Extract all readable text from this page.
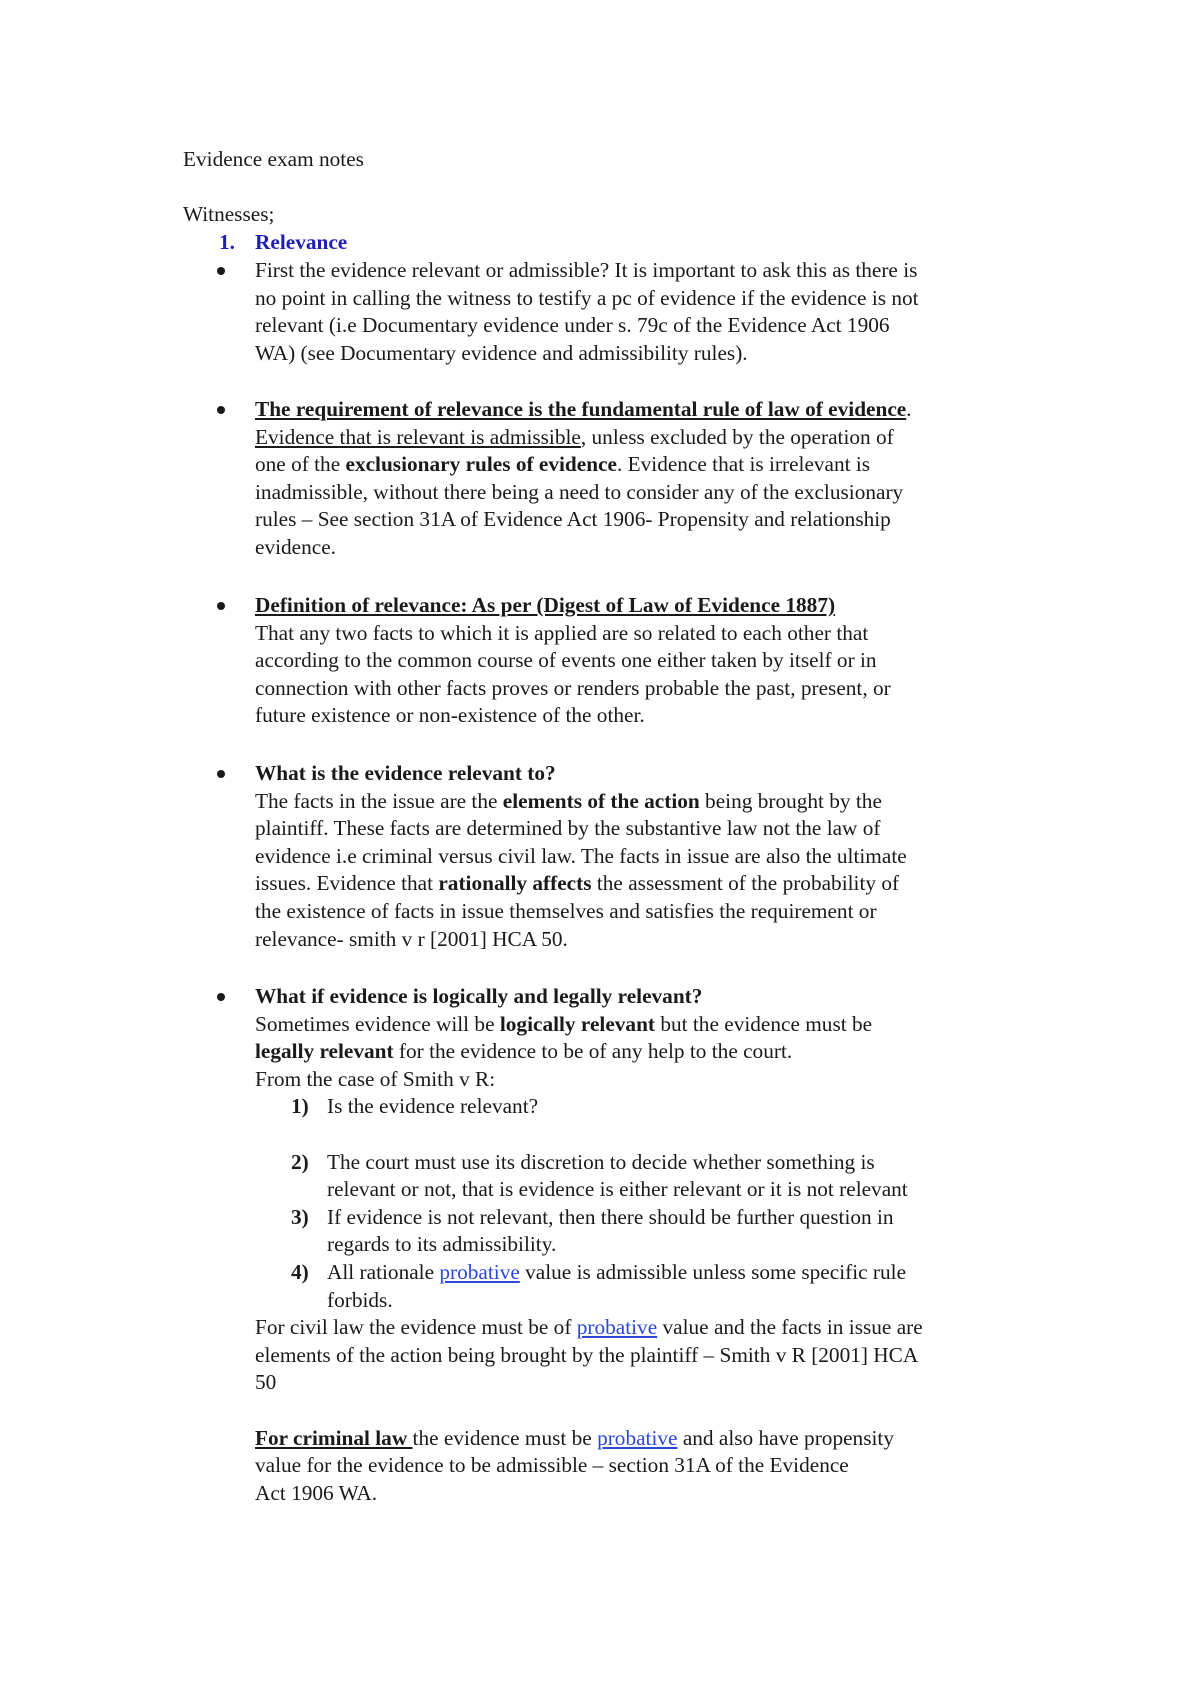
Evidence exam notes
Witnesses;
1. Relevance
First the evidence relevant or admissible? It is important to ask this as there is
no point in calling the witness to testify a pc of evidence if the evidence is not
relevant (i.e Documentary evidence under s. 79c of the Evidence Act 1906
WA) (see Documentary evidence and admissibility rules).
The requirement of relevance is the fundamental rule of law of evidence.
Evidence that is relevant is admissible, unless excluded by the operation of
one of the exclusionary rules of evidence. Evidence that is irrelevant is
inadmissible, without there being a need to consider any of the exclusionary
rules – See section 31A of Evidence Act 1906- Propensity and relationship
evidence.
Definition of relevance: As per (Digest of Law of Evidence 1887)
That any two facts to which it is applied are so related to each other that
according to the common course of events one either taken by itself or in
connection with other facts proves or renders probable the past, present, or
future existence or non-existence of the other.
What is the evidence relevant to?
The facts in the issue are the elements of the action being brought by the
plaintiff. These facts are determined by the substantive law not the law of
evidence i.e criminal versus civil law. The facts in issue are also the ultimate
issues. Evidence that rationally affects the assessment of the probability of
the existence of facts in issue themselves and satisfies the requirement or
relevance- smith v r [2001] HCA 50.
What if evidence is logically and legally relevant?
Sometimes evidence will be logically relevant but the evidence must be
legally relevant for the evidence to be of any help to the court.
From the case of Smith v R:
1) Is the evidence relevant?
2) The court must use its discretion to decide whether something is
relevant or not, that is evidence is either relevant or it is not relevant
3) If evidence is not relevant, then there should be further question in
regards to its admissibility.
4) All rationale probative value is admissible unless some specific rule
forbids.
For civil law the evidence must be of probative value and the facts in issue are
elements of the action being brought by the plaintiff – Smith v R [2001] HCA
50
For criminal law the evidence must be probative and also have propensity
value for the evidence to be admissible – section 31A of the Evidence
Act 1906 WA.
